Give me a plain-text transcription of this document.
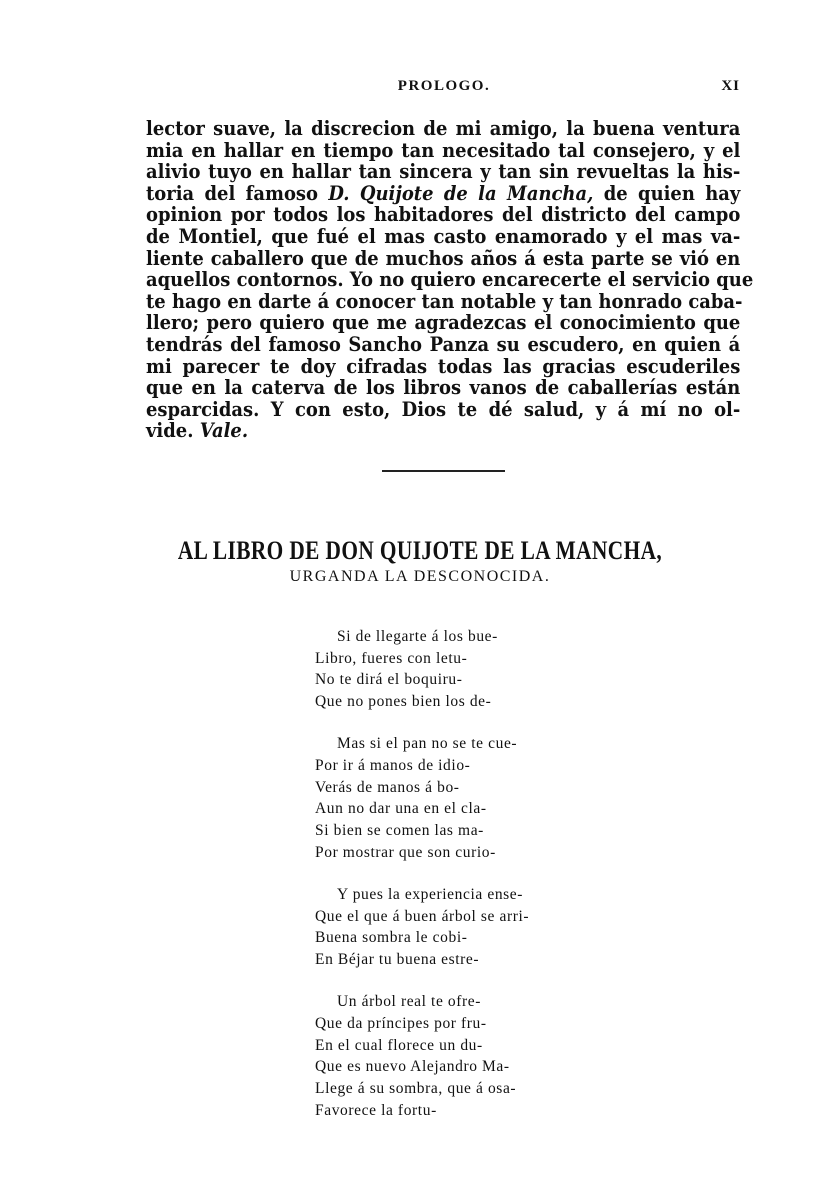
PROLOGO.	XI
lector suave, la discrecion de mi amigo, la buena ventura
mia en hallar en tiempo tan necesitado tal consejero, y el
alivio tuyo en hallar tan sincera y tan sin revueltas la his-
toria del famoso D. Quijote de la Mancha, de quien hay
opinion por todos los habitadores del districto del campo
de Montiel, que fué el mas casto enamorado y el mas va-
liente caballero que de muchos años á esta parte se vió en
aquellos contornos. Yo no quiero encarecerte el servicio que
te hago en darte á conocer tan notable y tan honrado caba-
llero; pero quiero que me agradezcas el conocimiento que
tendrás del famoso Sancho Panza su escudero, en quien á
mi parecer te doy cifradas todas las gracias escuderiles
que en la caterva de los libros vanos de caballerías están
esparcidas. Y con esto, Dios te dé salud, y á mí no ol-
vide. Vale.
AL LIBRO DE DON QUIJOTE DE LA MANCHA,
URGANDA LA DESCONOCIDA.
Si de llegarte á los bue-
Libro, fueres con letu-
No te dirá el boquiru-
Que no pones bien los de-
Mas si el pan no se te cue-
Por ir á manos de idio-
Verás de manos á bo-
Aun no dar una en el cla-
Si bien se comen las ma-
Por mostrar que son curio-
Y pues la experiencia ense-
Que el que á buen árbol se arri-
Buena sombra le cobi-
En Béjar tu buena estre-
Un árbol real te ofre-
Que da príncipes por fru-
En el cual florece un du-
Que es nuevo Alejandro Ma-
Llege á su sombra, que á osa-
Favorece la fortu-
